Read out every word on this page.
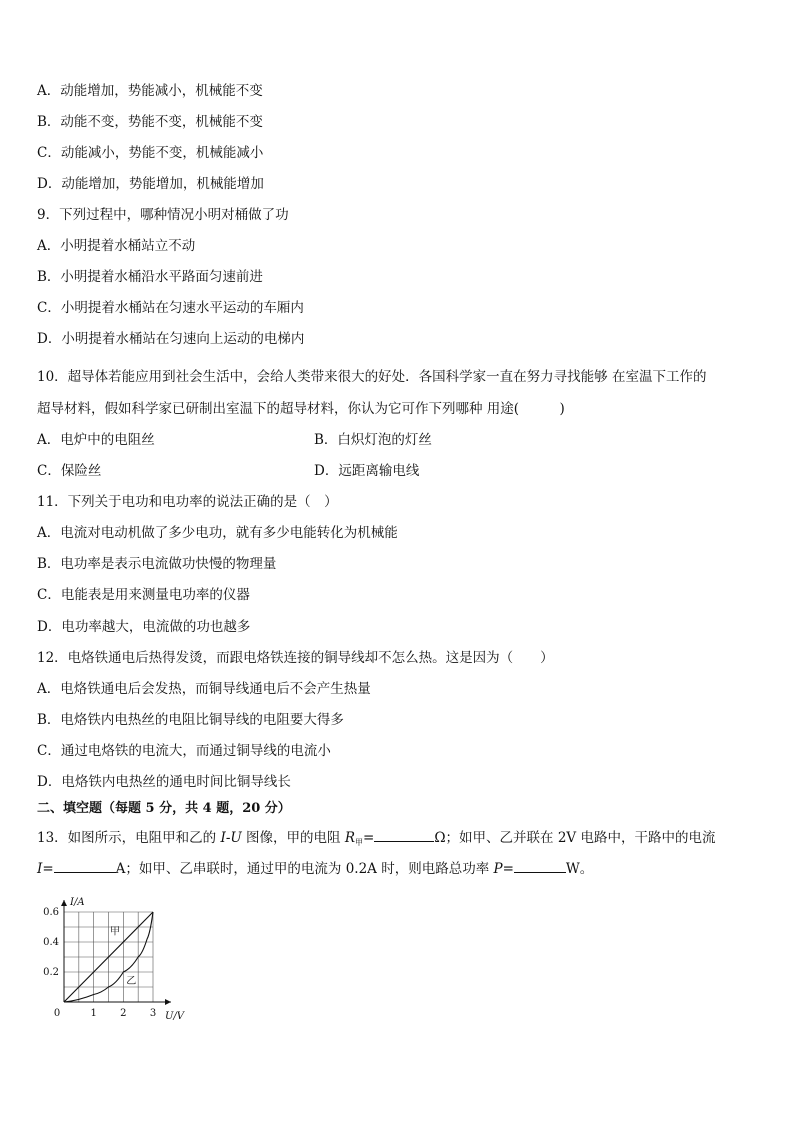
A．动能增加，势能减小，机械能不变
B．动能不变，势能不变，机械能不变
C．动能减小，势能不变，机械能减小
D．动能增加，势能增加，机械能增加
9．下列过程中，哪种情况小明对桶做了功
A．小明提着水桶站立不动
B．小明提着水桶沿水平路面匀速前进
C．小明提着水桶站在匀速水平运动的车厢内
D．小明提着水桶站在匀速向上运动的电梯内
10．超导体若能应用到社会生活中，会给人类带来很大的好处．各国科学家一直在努力寻找能够 在室温下工作的
超导材料，假如科学家已研制出室温下的超导材料，你认为它可作下列哪种 用途(　　　)
A．电炉中的电阻丝	B．白炽灯泡的灯丝
C．保险丝	D．远距离输电线
11．下列关于电功和电功率的说法正确的是（　）
A．电流对电动机做了多少电功，就有多少电能转化为机械能
B．电功率是表示电流做功快慢的物理量
C．电能表是用来测量电功率的仪器
D．电功率越大，电流做的功也越多
12．电烙铁通电后热得发烫，而跟电烙铁连接的铜导线却不怎么热。这是因为（　　）
A．电烙铁通电后会发热，而铜导线通电后不会产生热量
B．电烙铁内电热丝的电阻比铜导线的电阻要大得多
C．通过电烙铁的电流大，而通过铜导线的电流小
D．电烙铁内电热丝的通电时间比铜导线长
二、填空题（每题 5 分，共 4 题，20 分）
13．如图所示，电阻甲和乙的 I-U 图像，甲的电阻 $R_甲=$	Ω；如甲、乙并联在 2V 电路中，干路中的电流
I=	A；如甲、乙串联时，通过甲的电流为 0.2A 时，则电路总功率 P=	W。
1 2 3
0.2
0.4
0.6
0
I/A
U/V
甲
乙
